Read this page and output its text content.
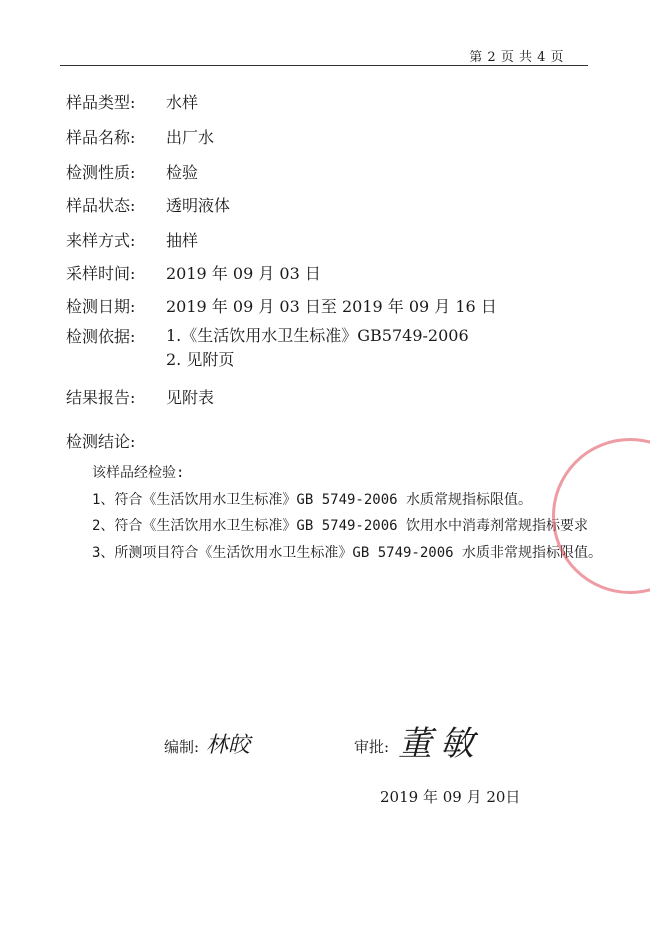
第 2 页 共 4 页
样品类型:	水样
样品名称:	出厂水
检测性质:	检验
样品状态:	透明液体
来样方式:	抽样
采样时间:	2019 年 09 月 03 日
检测日期:	2019 年 09 月 03 日至 2019 年 09 月 16 日
检测依据:	1.《生活饮用水卫生标准》GB5749-2006
2. 见附页
结果报告:	见附表
检测结论:

该样品经检验:

1、符合《生活饮用水卫生标准》GB 5749-2006 水质常规指标限值。

2、符合《生活饮用水卫生标准》GB 5749-2006 饮用水中消毒剂常规指标要求

3、所测项目符合《生活饮用水卫生标准》GB 5749-2006 水质非常规指标限值。

编制: 林皎	审批: 董敏
2019 年 09 月 20日
